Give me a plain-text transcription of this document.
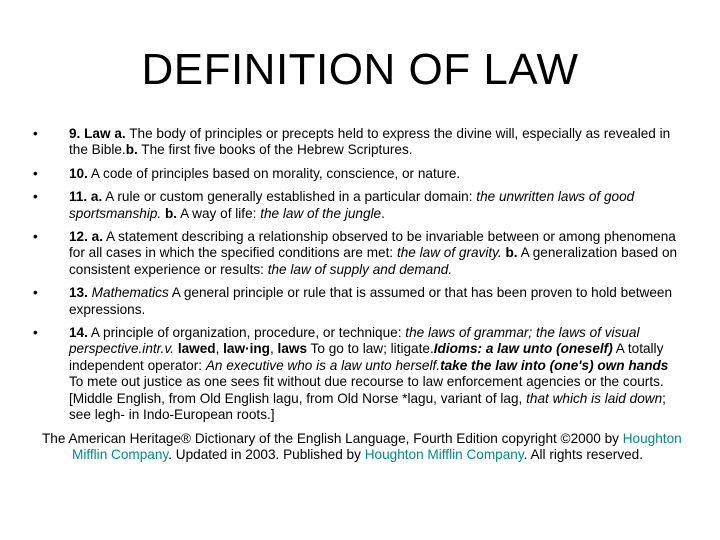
DEFINITION OF LAW
• 9. Law a. The body of principles or precepts held to express the divine will, especially as revealed in the Bible.b. The first five books of the Hebrew Scriptures.
• 10. A code of principles based on morality, conscience, or nature.
• 11. a. A rule or custom generally established in a particular domain: the unwritten laws of good sportsmanship. b. A way of life: the law of the jungle.
• 12. a. A statement describing a relationship observed to be invariable between or among phenomena for all cases in which the specified conditions are met: the law of gravity. b. A generalization based on consistent experience or results: the law of supply and demand.
• 13. Mathematics A general principle or rule that is assumed or that has been proven to hold between expressions.
• 14. A principle of organization, procedure, or technique: the laws of grammar; the laws of visual perspective.intr.v. lawed, law·ing, laws To go to law; litigate.Idioms: a law unto (oneself) A totally independent operator: An executive who is a law unto herself.take the law into (one's) own hands To mete out justice as one sees fit without due recourse to law enforcement agencies or the courts.[Middle English, from Old English lagu, from Old Norse *lagu, variant of lag, that which is laid down; see legh- in Indo-European roots.]
The American Heritage® Dictionary of the English Language, Fourth Edition copyright ©2000 by Houghton Mifflin Company. Updated in 2003. Published by Houghton Mifflin Company. All rights reserved.
